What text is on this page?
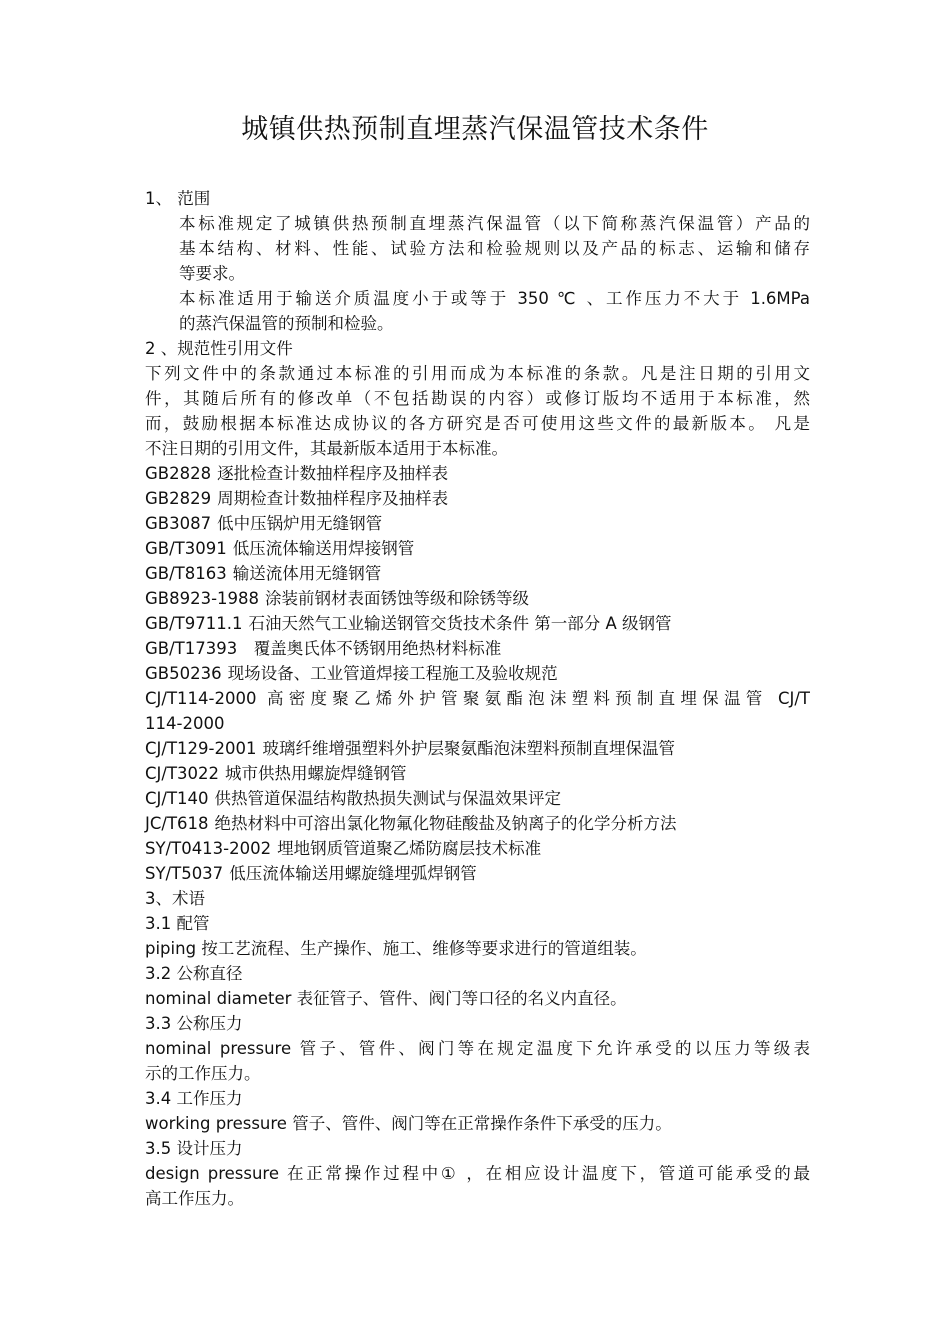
城镇供热预制直埋蒸汽保温管技术条件
1、 范围
本标准规定了城镇供热预制直埋蒸汽保温管（以下简称蒸汽保温管）产品的
基本结构、材料、性能、试验方法和检验规则以及产品的标志、运输和储存
等要求。
本标准适用于输送介质温度小于或等于 350 ℃ 、工作压力不大于 1.6MPa
的蒸汽保温管的预制和检验。
2 、规范性引用文件
下列文件中的条款通过本标准的引用而成为本标准的条款。凡是注日期的引用文
件，其随后所有的修改单（不包括勘误的内容）或修订版均不适用于本标准，然
而，鼓励根据本标准达成协议的各方研究是否可使用这些文件的最新版本。 凡是
不注日期的引用文件，其最新版本适用于本标准。
GB2828 逐批检查计数抽样程序及抽样表
GB2829 周期检查计数抽样程序及抽样表
GB3087 低中压锅炉用无缝钢管
GB/T3091 低压流体输送用焊接钢管
GB/T8163 输送流体用无缝钢管
GB8923-1988 涂装前钢材表面锈蚀等级和除锈等级
GB/T9711.1 石油天然气工业输送钢管交货技术条件 第一部分 A 级钢管
GB/T17393  覆盖奥氏体不锈钢用绝热材料标准
GB50236 现场设备、工业管道焊接工程施工及验收规范
CJ/T114-2000 高密度聚乙烯外护管聚氨酯泡沫塑料预制直埋保温管 CJ/T
114-2000
CJ/T129-2001 玻璃纤维增强塑料外护层聚氨酯泡沫塑料预制直埋保温管
CJ/T3022 城市供热用螺旋焊缝钢管
CJ/T140 供热管道保温结构散热损失测试与保温效果评定
JC/T618 绝热材料中可溶出氯化物氟化物硅酸盐及钠离子的化学分析方法
SY/T0413-2002 埋地钢质管道聚乙烯防腐层技术标准
SY/T5037 低压流体输送用螺旋缝埋弧焊钢管
3、术语
3.1 配管
piping 按工艺流程、生产操作、施工、维修等要求进行的管道组装。
3.2 公称直径
nominal diameter 表征管子、管件、阀门等口径的名义内直径。
3.3 公称压力
nominal pressure 管子、管件、阀门等在规定温度下允许承受的以压力等级表
示的工作压力。
3.4 工作压力
working pressure 管子、管件、阀门等在正常操作条件下承受的压力。
3.5 设计压力
design pressure 在正常操作过程中① ，在相应设计温度下，管道可能承受的最
高工作压力。
